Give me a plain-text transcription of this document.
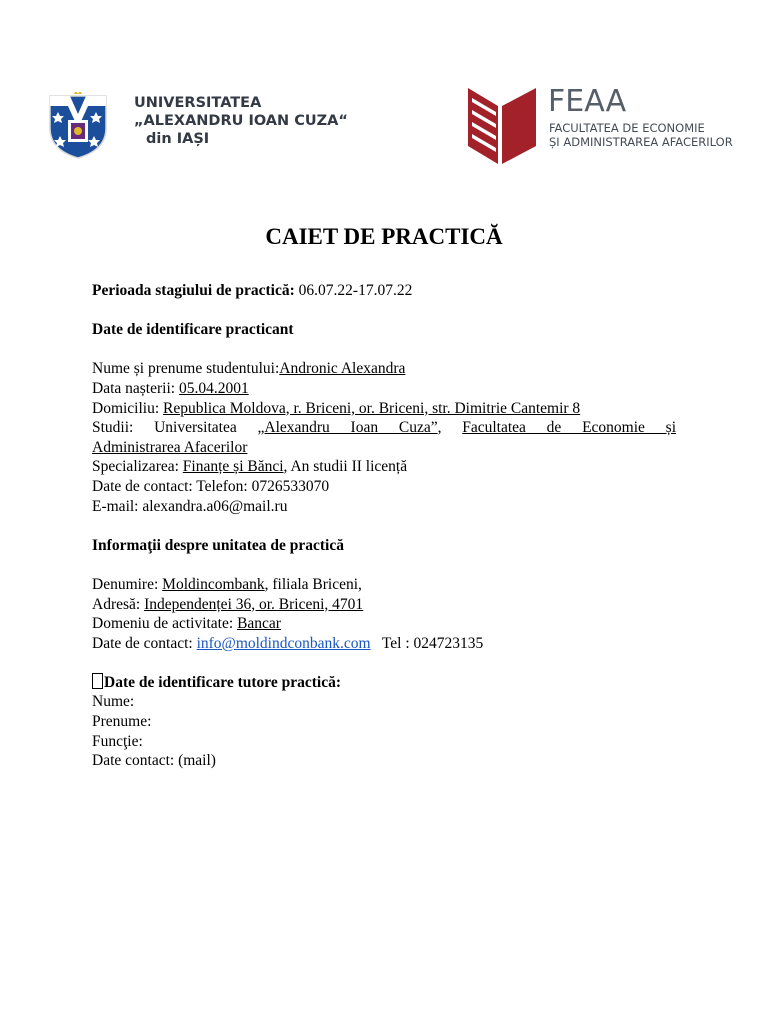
UNIVERSITATEA
„ALEXANDRU IOAN CUZA“
din IAȘI
FEAA
FACULTATEA DE ECONOMIE
ȘI ADMINISTRAREA AFACERILOR
CAIET DE PRACTICĂ
Perioada stagiului de practică: 06.07.22-17.07.22
Date de identificare practicant
Nume și prenume studentului:Andronic Alexandra
Data nașterii: 05.04.2001
Domiciliu: Republica Moldova, r. Briceni, or. Briceni, str. Dimitrie Cantemir 8
Studii: Universitatea „Alexandru Ioan Cuza”, Facultatea de Economie și
Administrarea Afacerilor
Specializarea: Finanțe și Bănci, An studii II licență
Date de contact: Telefon: 0726533070
E-mail: alexandra.a06@mail.ru
Informaţii despre unitatea de practică
Denumire: Moldincombank, filiala Briceni,
Adresă: Independenței 36, or. Briceni, 4701
Domeniu de activitate: Bancar
Date de contact: info@moldindconbank.com   Tel : 024723135
Date de identificare tutore practică:
Nume:
Prenume:
Funcţie:
Date contact: (mail)
